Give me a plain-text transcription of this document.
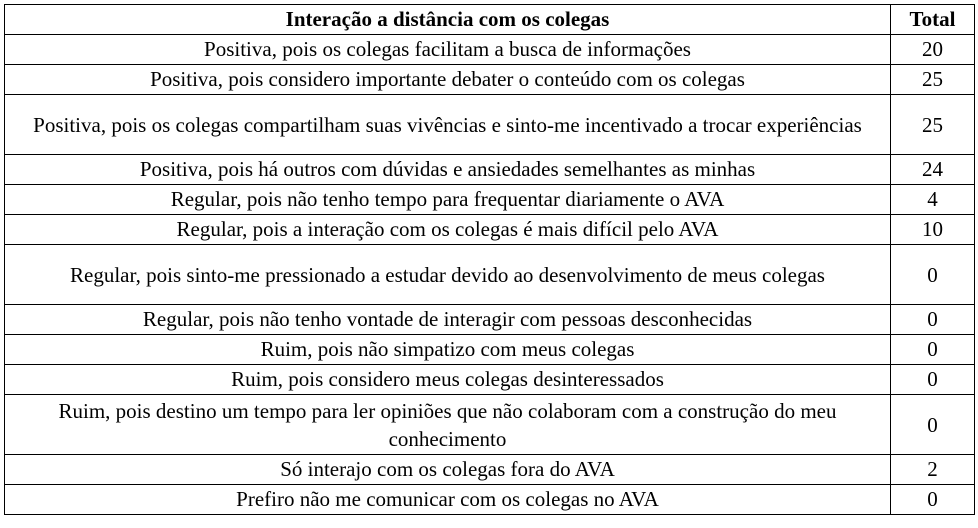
Interação a distância com os colegas	Total
Positiva, pois os colegas facilitam a busca de informações	20
Positiva, pois considero importante debater o conteúdo com os colegas	25
Positiva, pois os colegas compartilham suas vivências e sinto-me incentivado a trocar experiências	25
Positiva, pois há outros com dúvidas e ansiedades semelhantes as minhas	24
Regular, pois não tenho tempo para frequentar diariamente o AVA	4
Regular, pois a interação com os colegas é mais difícil pelo AVA	10
Regular, pois sinto-me pressionado a estudar devido ao desenvolvimento de meus colegas	0
Regular, pois não tenho vontade de interagir com pessoas desconhecidas	0
Ruim, pois não simpatizo com meus colegas	0
Ruim, pois considero meus colegas desinteressados	0
Ruim, pois destino um tempo para ler opiniões que não colaboram com a construção do meu conhecimento	0
Só interajo com os colegas fora do AVA	2
Prefiro não me comunicar com os colegas no AVA	0
